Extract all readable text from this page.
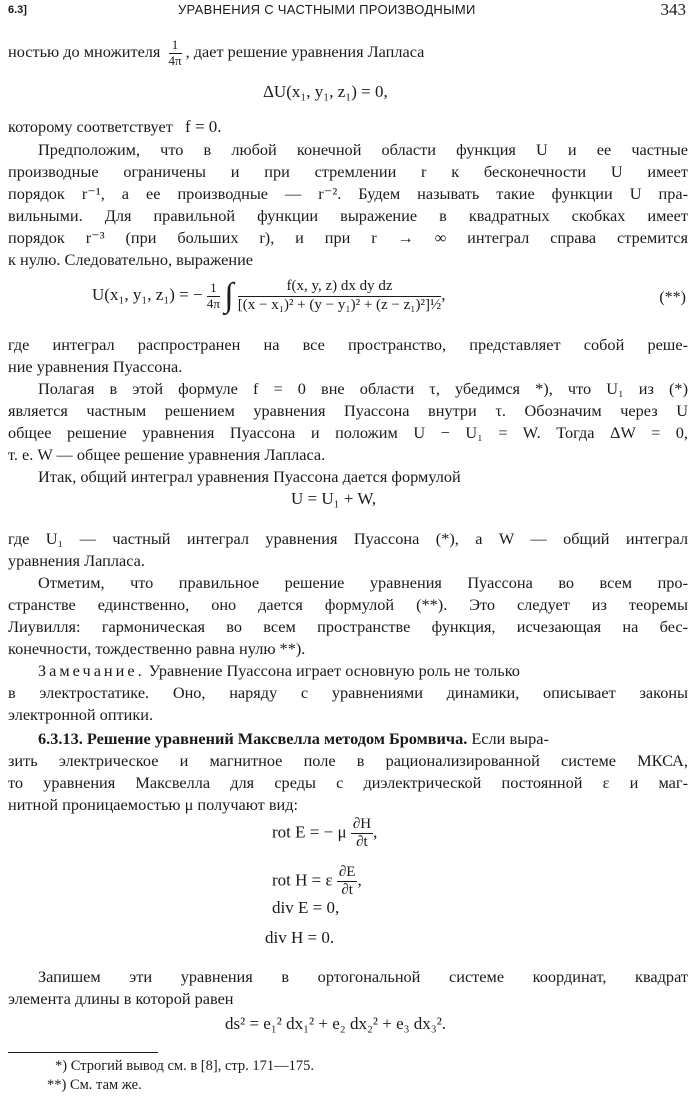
6.3]	УРАВНЕНИЯ С ЧАСТНЫМИ ПРОИЗВОДНЫМИ	343
ностью до множителя $\frac{1}{4\pi}$ , дает решение уравнения Лапласа
ΔU(x₁, y₁, z₁) = 0,
которому соответствует f = 0.
Предположим, что в любой конечной области функция U и ее частные
производные ограничены и при стремлении r к бесконечности U имеет
порядок r⁻¹, а ее производные — r⁻². Будем называть такие функции U пра-
вильными. Для правильной функции выражение в квадратных скобках имеет
порядок r⁻³ (при больших r), и при r → ∞ интеграл справа стремится
к нулю. Следовательно, выражение
U(x₁, y₁, z₁) = − $\frac{1}{4\pi}$ ∫ $\frac{\text{f(x, y, z) dx dy dz}}{\text{[(x − x₁)² + (y − y₁)² + (z − z₁)²]½}}$ ,	(**)
где интеграл распространен на все пространство, представляет собой реше-
ние уравнения Пуассона.
Полагая в этой формуле f = 0 вне области τ, убедимся *), что U₁ из (*)
является частным решением уравнения Пуассона внутри τ. Обозначим через U
общее решение уравнения Пуассона и положим U − U₁ = W. Тогда ΔW = 0,
т. е. W — общее решение уравнения Лапласа.
Итак, общий интеграл уравнения Пуассона дается формулой
U = U₁ + W,
где U₁ — частный интеграл уравнения Пуассона (*), а W — общий интеграл
уравнения Лапласа.
Отметим, что правильное решение уравнения Пуассона во всем про-
странстве единственно, оно дается формулой (**). Это следует из теоремы
Лиувилля: гармоническая во всем пространстве функция, исчезающая на бес-
конечности, тождественно равна нулю **).
Замечание. Уравнение Пуассона играет основную роль не только
в электростатике. Оно, наряду с уравнениями динамики, описывает законы
электронной оптики.
6.3.13. Решение уравнений Максвелла методом Бромвича. Если выра-
зить электрическое и магнитное поле в рационализированной системе МКСА,
то уравнения Максвелла для среды с диэлектрической постоянной ε и маг-
нитной проницаемостью μ получают вид:
rot E = − μ $\frac{\partial H}{\partial t}$ ,
rot H = ε $\frac{\partial E}{\partial t}$ ,
div E = 0,
div H = 0.
Запишем эти уравнения в ортогональной системе координат, квадрат
элемента длины в которой равен
ds² = e₁² dx₁² + e₂ dx₂² + e₃ dx₃².
*) Строгий вывод см. в [8], стр. 171—175.
**) См. там же.
